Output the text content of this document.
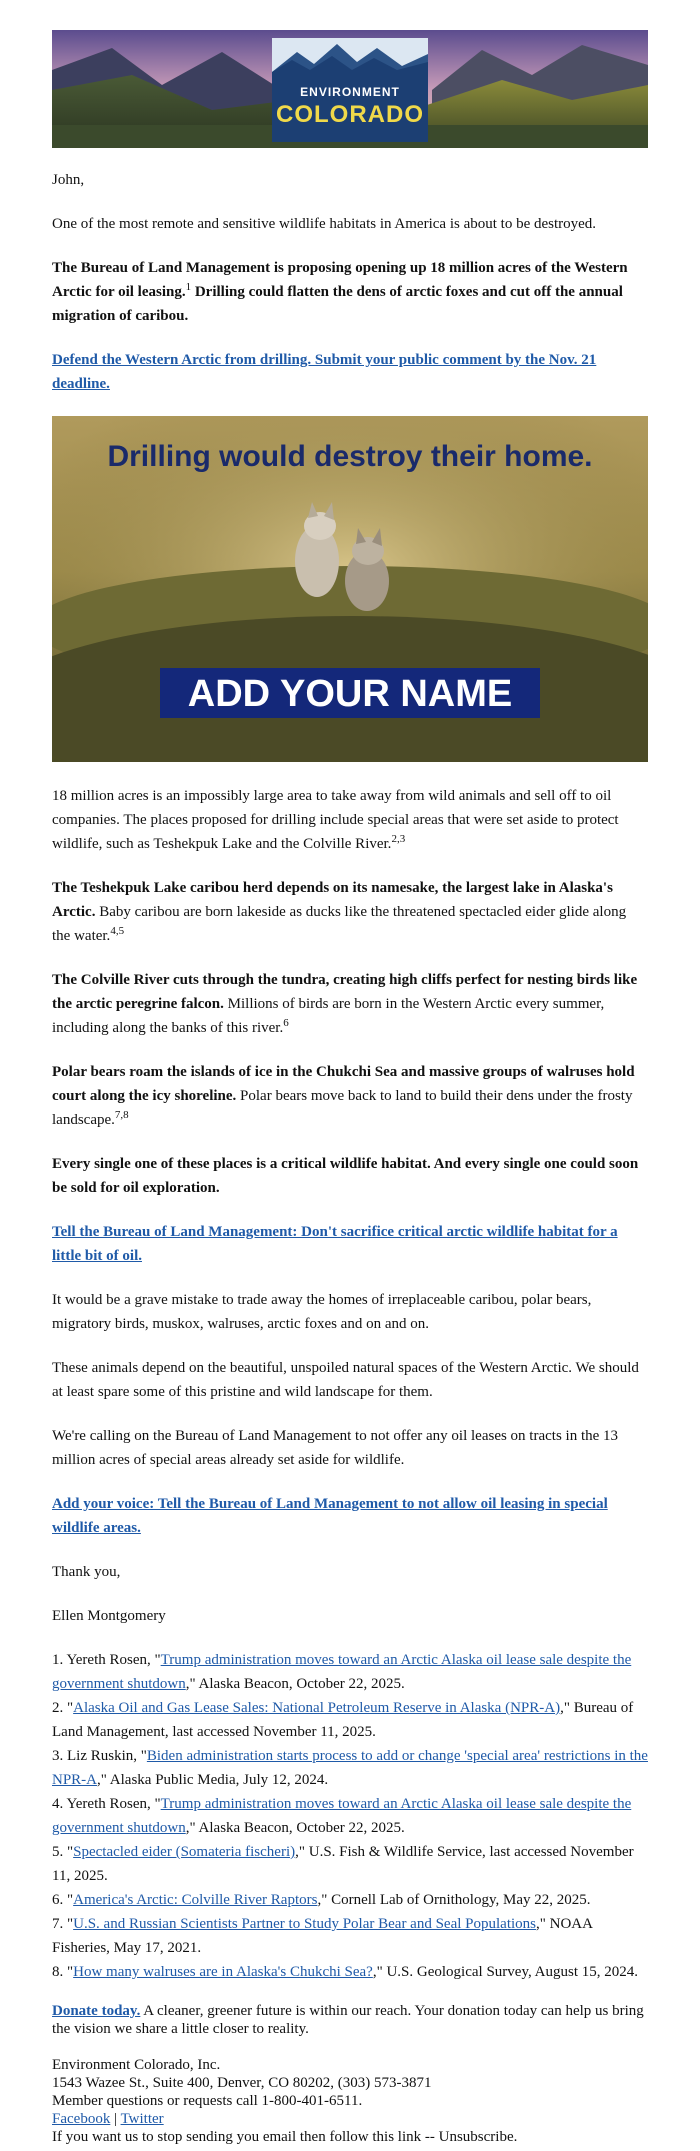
ENVIRONMENT
COLORADO

John,

One of the most remote and sensitive wildlife habitats in America is about to be destroyed.

The Bureau of Land Management is proposing opening up 18 million acres of the Western Arctic for oil leasing.$^1$ Drilling could flatten the dens of arctic foxes and cut off the annual migration of caribou.

Defend the Western Arctic from drilling. Submit your public comment by the Nov. 21 deadline.

Drilling would destroy their home.
ADD YOUR NAME

18 million acres is an impossibly large area to take away from wild animals and sell off to oil companies. The places proposed for drilling include special areas that were set aside to protect wildlife, such as Teshekpuk Lake and the Colville River.$^{2,3}$

The Teshekpuk Lake caribou herd depends on its namesake, the largest lake in Alaska's Arctic. Baby caribou are born lakeside as ducks like the threatened spectacled eider glide along the water.$^{4,5}$

The Colville River cuts through the tundra, creating high cliffs perfect for nesting birds like the arctic peregrine falcon. Millions of birds are born in the Western Arctic every summer, including along the banks of this river.$^6$

Polar bears roam the islands of ice in the Chukchi Sea and massive groups of walruses hold court along the icy shoreline. Polar bears move back to land to build their dens under the frosty landscape.$^{7,8}$

Every single one of these places is a critical wildlife habitat. And every single one could soon be sold for oil exploration.

Tell the Bureau of Land Management: Don't sacrifice critical arctic wildlife habitat for a little bit of oil.

It would be a grave mistake to trade away the homes of irreplaceable caribou, polar bears, migratory birds, muskox, walruses, arctic foxes and on and on.

These animals depend on the beautiful, unspoiled natural spaces of the Western Arctic. We should at least spare some of this pristine and wild landscape for them.

We're calling on the Bureau of Land Management to not offer any oil leases on tracts in the 13 million acres of special areas already set aside for wildlife.

Add your voice: Tell the Bureau of Land Management to not allow oil leasing in special wildlife areas.

Thank you,

Ellen Montgomery

1. Yereth Rosen, "Trump administration moves toward an Arctic Alaska oil lease sale despite the government shutdown," Alaska Beacon, October 22, 2025.
2. "Alaska Oil and Gas Lease Sales: National Petroleum Reserve in Alaska (NPR-A)," Bureau of Land Management, last accessed November 11, 2025.
3. Liz Ruskin, "Biden administration starts process to add or change 'special area' restrictions in the NPR-A," Alaska Public Media, July 12, 2024.
4. Yereth Rosen, "Trump administration moves toward an Arctic Alaska oil lease sale despite the government shutdown," Alaska Beacon, October 22, 2025.
5. "Spectacled eider (Somateria fischeri)," U.S. Fish & Wildlife Service, last accessed November 11, 2025.
6. "America's Arctic: Colville River Raptors," Cornell Lab of Ornithology, May 22, 2025.
7. "U.S. and Russian Scientists Partner to Study Polar Bear and Seal Populations," NOAA Fisheries, May 17, 2021.
8. "How many walruses are in Alaska's Chukchi Sea?," U.S. Geological Survey, August 15, 2024.
Donate today. A cleaner, greener future is within our reach. Your donation today can help us bring the vision we share a little closer to reality.
Environment Colorado, Inc.
1543 Wazee St., Suite 400, Denver, CO 80202, (303) 573-3871
Member questions or requests call 1-800-401-6511.
Facebook | Twitter
If you want us to stop sending you email then follow this link -- Unsubscribe.
